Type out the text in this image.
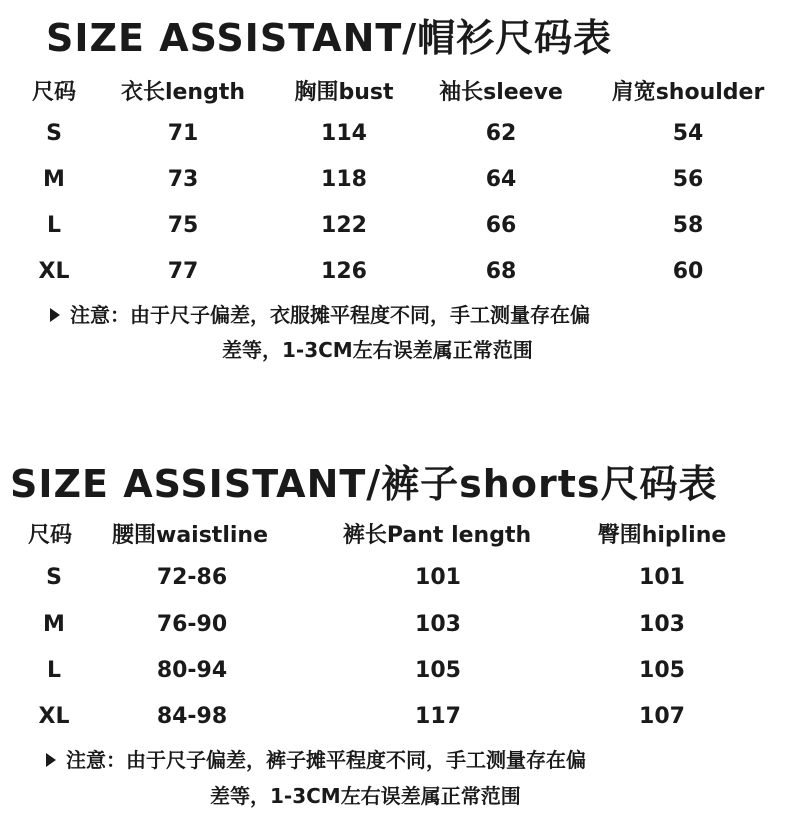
SIZE ASSISTANT/帽衫尺码表
尺码 衣长length 胸围bust 袖长sleeve 肩宽shoulder
S	71	114	62	54
M	73	118	64	56
L	75	122	66	58
XL	77	126	68	60
注意：由于尺子偏差，衣服摊平程度不同，手工测量存在偏
差等，1-3CM左右误差属正常范围
SIZE ASSISTANT/裤子shorts尺码表
尺码 腰围waistline	裤长Pant length	臀围hipline
S	72-86	101	101
M	76-90	103	103
L	80-94	105	105
XL	84-98	117	107
注意：由于尺子偏差，裤子摊平程度不同，手工测量存在偏
差等，1-3CM左右误差属正常范围
